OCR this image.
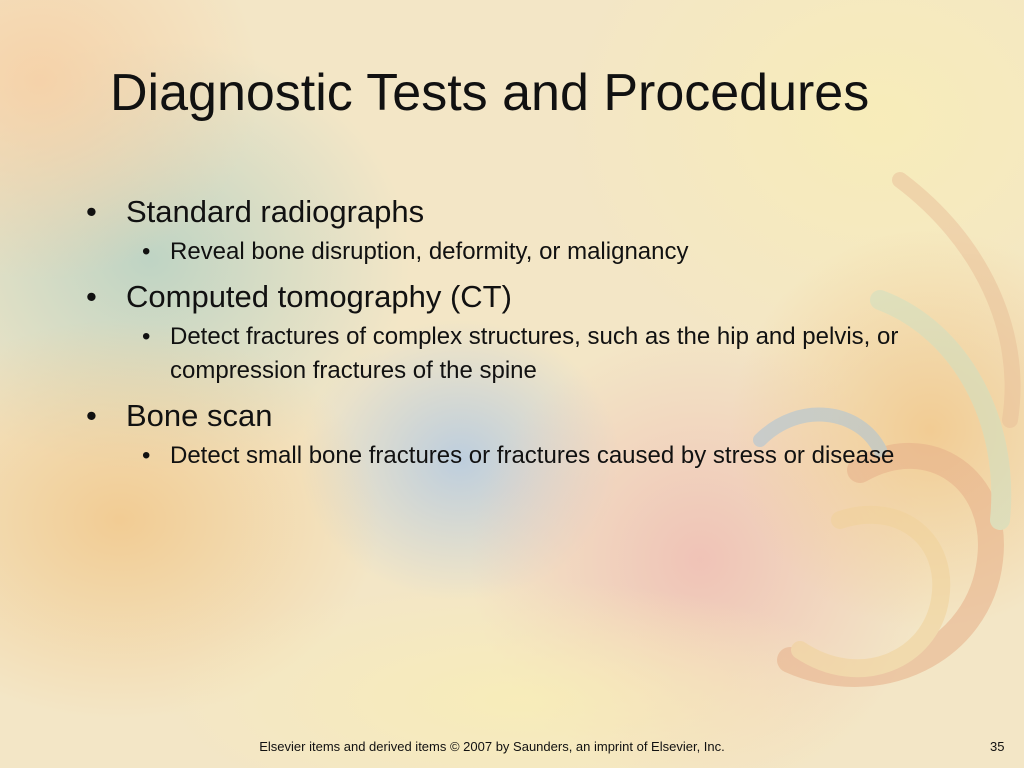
Diagnostic Tests and Procedures
• Standard radiographs
• Reveal bone disruption, deformity, or malignancy
• Computed tomography (CT)
• Detect fractures of complex structures, such as the hip and pelvis, or compression fractures of the spine
• Bone scan
• Detect small bone fractures or fractures caused by stress or disease
Elsevier items and derived items © 2007 by Saunders, an imprint of Elsevier, Inc.	35
